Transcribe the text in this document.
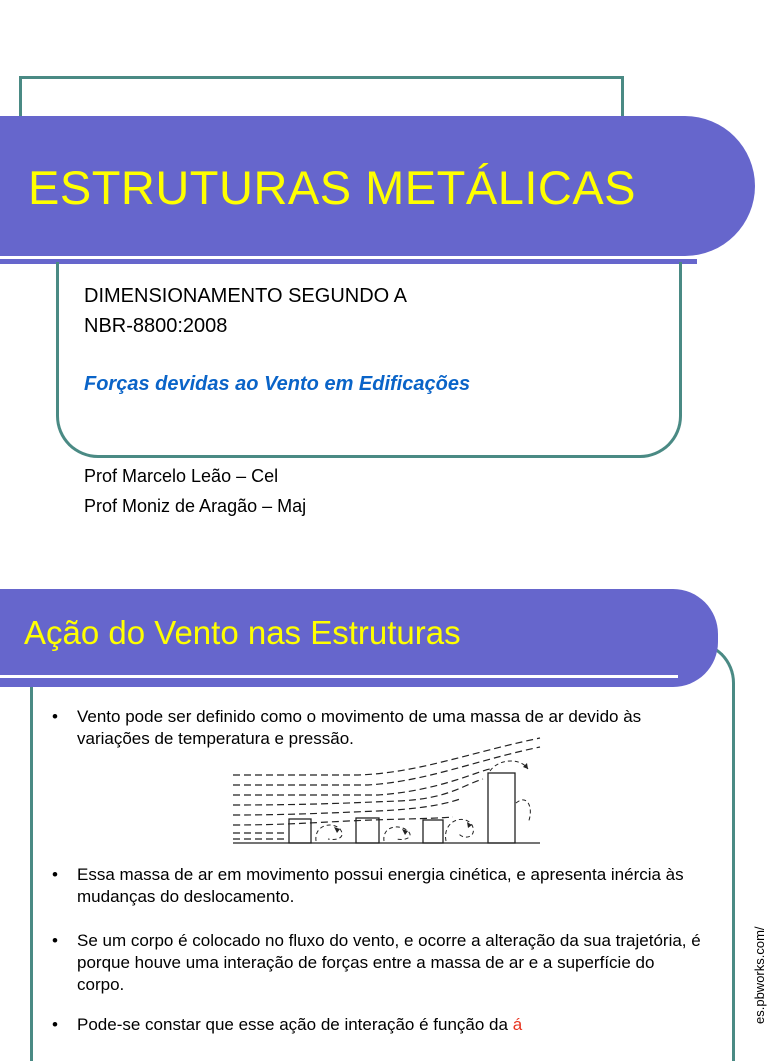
ESTRUTURAS METÁLICAS
DIMENSIONAMENTO SEGUNDO A
NBR-8800:2008
Forças devidas ao Vento em Edificações
Prof Marcelo Leão – Cel
Prof Moniz de Aragão – Maj
Ação do Vento nas Estruturas
• Vento pode ser definido como o movimento de uma massa de ar devido às variações de temperatura e pressão.
• Essa massa de ar em movimento possui energia cinética, e apresenta inércia às mudanças do deslocamento.
• Se um corpo é colocado no fluxo do vento, e ocorre a alteração da sua trajetória, é porque houve uma interação de forças entre a massa de ar e a superfície do corpo.
• Pode-se constar que esse ação de interação é função da á
es.pbworks.com/
